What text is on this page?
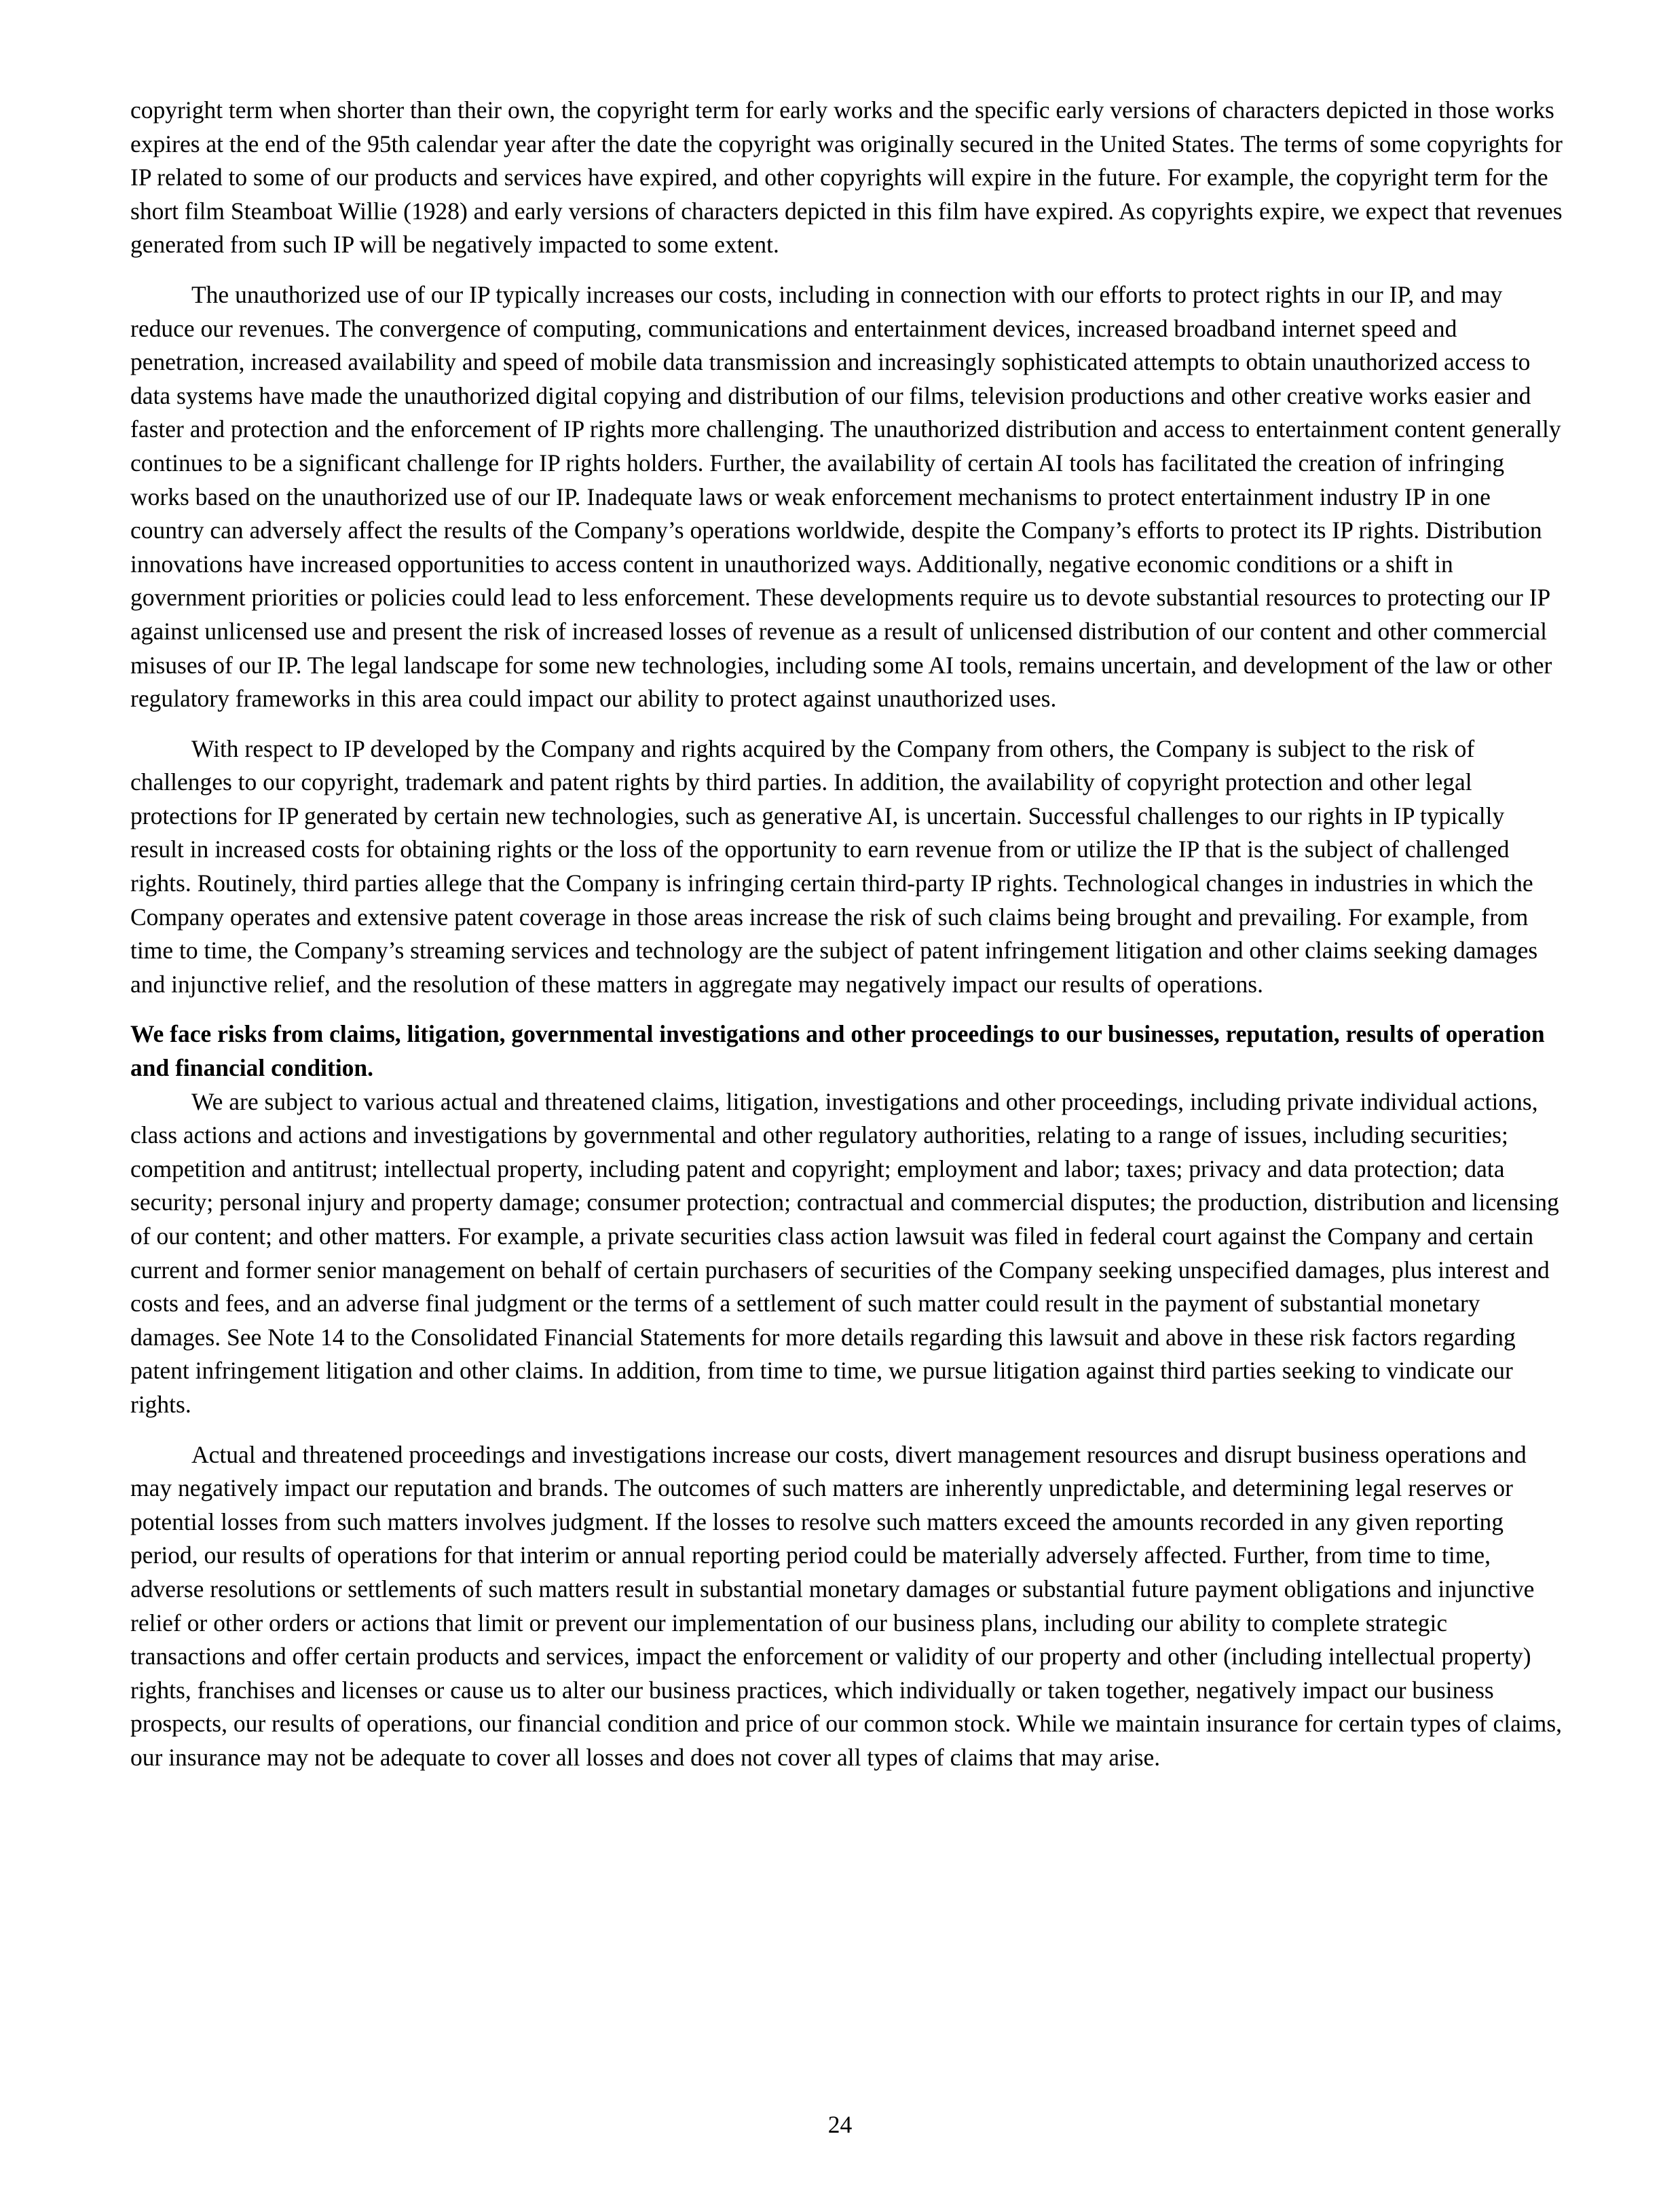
copyright term when shorter than their own, the copyright term for early works and the specific early versions of characters depicted in those works expires at the end of the 95th calendar year after the date the copyright was originally secured in the United States. The terms of some copyrights for IP related to some of our products and services have expired, and other copyrights will expire in the future. For example, the copyright term for the short film Steamboat Willie (1928) and early versions of characters depicted in this film have expired. As copyrights expire, we expect that revenues generated from such IP will be negatively impacted to some extent.

The unauthorized use of our IP typically increases our costs, including in connection with our efforts to protect rights in our IP, and may reduce our revenues. The convergence of computing, communications and entertainment devices, increased broadband internet speed and penetration, increased availability and speed of mobile data transmission and increasingly sophisticated attempts to obtain unauthorized access to data systems have made the unauthorized digital copying and distribution of our films, television productions and other creative works easier and faster and protection and the enforcement of IP rights more challenging. The unauthorized distribution and access to entertainment content generally continues to be a significant challenge for IP rights holders. Further, the availability of certain AI tools has facilitated the creation of infringing works based on the unauthorized use of our IP. Inadequate laws or weak enforcement mechanisms to protect entertainment industry IP in one country can adversely affect the results of the Company’s operations worldwide, despite the Company’s efforts to protect its IP rights. Distribution innovations have increased opportunities to access content in unauthorized ways. Additionally, negative economic conditions or a shift in government priorities or policies could lead to less enforcement. These developments require us to devote substantial resources to protecting our IP against unlicensed use and present the risk of increased losses of revenue as a result of unlicensed distribution of our content and other commercial misuses of our IP. The legal landscape for some new technologies, including some AI tools, remains uncertain, and development of the law or other regulatory frameworks in this area could impact our ability to protect against unauthorized uses.

With respect to IP developed by the Company and rights acquired by the Company from others, the Company is subject to the risk of challenges to our copyright, trademark and patent rights by third parties. In addition, the availability of copyright protection and other legal protections for IP generated by certain new technologies, such as generative AI, is uncertain. Successful challenges to our rights in IP typically result in increased costs for obtaining rights or the loss of the opportunity to earn revenue from or utilize the IP that is the subject of challenged rights. Routinely, third parties allege that the Company is infringing certain third-party IP rights. Technological changes in industries in which the Company operates and extensive patent coverage in those areas increase the risk of such claims being brought and prevailing. For example, from time to time, the Company’s streaming services and technology are the subject of patent infringement litigation and other claims seeking damages and injunctive relief, and the resolution of these matters in aggregate may negatively impact our results of operations.

We face risks from claims, litigation, governmental investigations and other proceedings to our businesses, reputation, results of operation and financial condition.

We are subject to various actual and threatened claims, litigation, investigations and other proceedings, including private individual actions, class actions and actions and investigations by governmental and other regulatory authorities, relating to a range of issues, including securities; competition and antitrust; intellectual property, including patent and copyright; employment and labor; taxes; privacy and data protection; data security; personal injury and property damage; consumer protection; contractual and commercial disputes; the production, distribution and licensing of our content; and other matters. For example, a private securities class action lawsuit was filed in federal court against the Company and certain current and former senior management on behalf of certain purchasers of securities of the Company seeking unspecified damages, plus interest and costs and fees, and an adverse final judgment or the terms of a settlement of such matter could result in the payment of substantial monetary damages. See Note 14 to the Consolidated Financial Statements for more details regarding this lawsuit and above in these risk factors regarding patent infringement litigation and other claims. In addition, from time to time, we pursue litigation against third parties seeking to vindicate our rights.

Actual and threatened proceedings and investigations increase our costs, divert management resources and disrupt business operations and may negatively impact our reputation and brands. The outcomes of such matters are inherently unpredictable, and determining legal reserves or potential losses from such matters involves judgment. If the losses to resolve such matters exceed the amounts recorded in any given reporting period, our results of operations for that interim or annual reporting period could be materially adversely affected. Further, from time to time, adverse resolutions or settlements of such matters result in substantial monetary damages or substantial future payment obligations and injunctive relief or other orders or actions that limit or prevent our implementation of our business plans, including our ability to complete strategic transactions and offer certain products and services, impact the enforcement or validity of our property and other (including intellectual property) rights, franchises and licenses or cause us to alter our business practices, which individually or taken together, negatively impact our business prospects, our results of operations, our financial condition and price of our common stock. While we maintain insurance for certain types of claims, our insurance may not be adequate to cover all losses and does not cover all types of claims that may arise.

24
